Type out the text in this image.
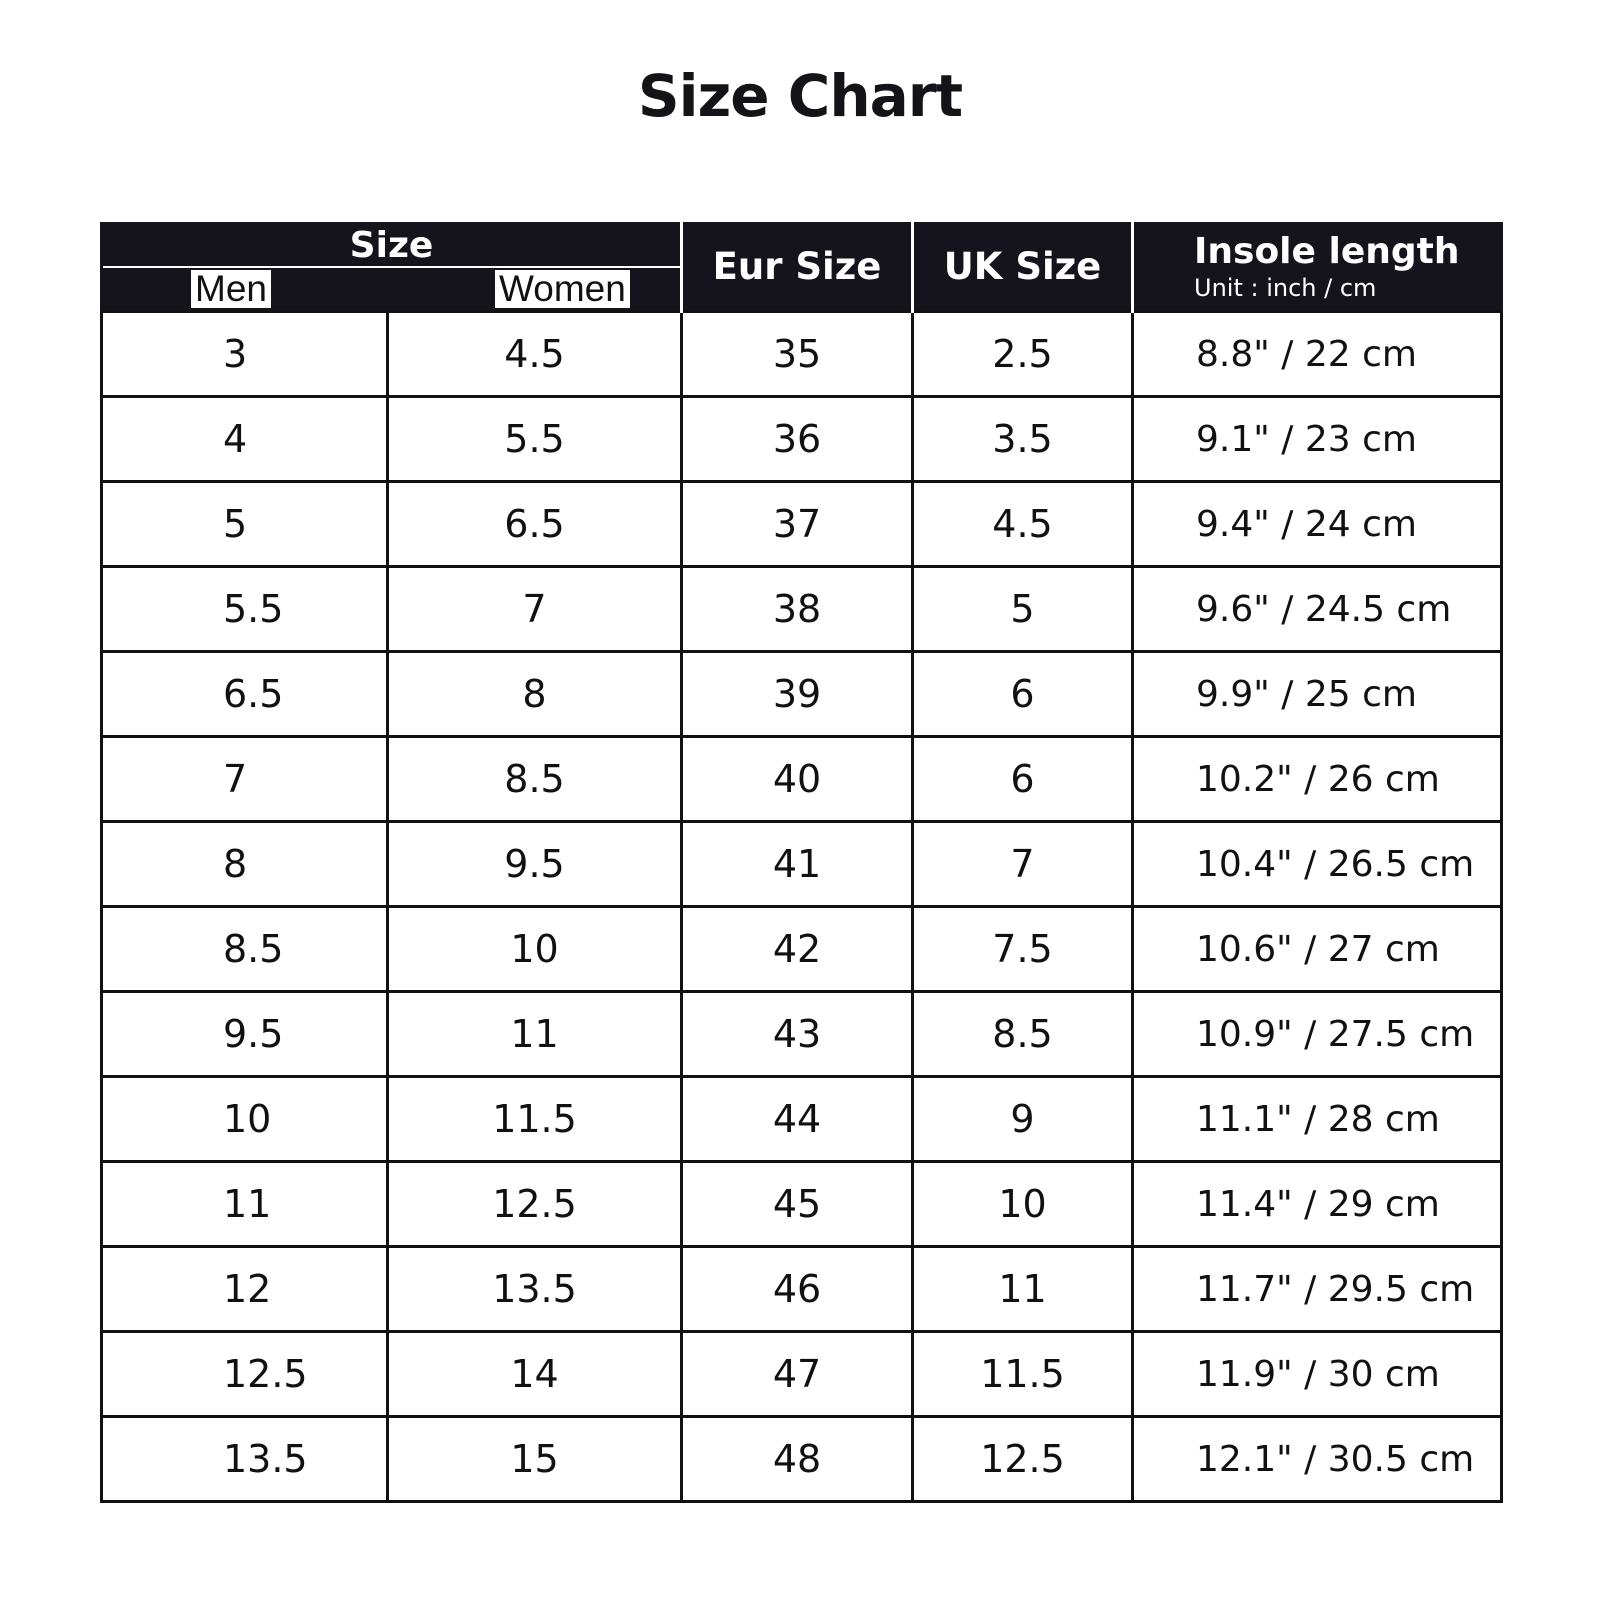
Size Chart
Size
Men Women		Eur Size	UK Size	Insole length
Unit : inch / cm

3	4.5	35	2.5	8.8" / 22 cm
4	5.5	36	3.5	9.1" / 23 cm
5	6.5	37	4.5	9.4" / 24 cm
5.5	7	38	5	9.6" / 24.5 cm
6.5	8	39	6	9.9" / 25 cm
7	8.5	40	6	10.2" / 26 cm
8	9.5	41	7	10.4" / 26.5 cm
8.5	10	42	7.5	10.6" / 27 cm
9.5	11	43	8.5	10.9" / 27.5 cm
10	11.5	44	9	11.1" / 28 cm
11	12.5	45	10	11.4" / 29 cm
12	13.5	46	11	11.7" / 29.5 cm
12.5	14	47	11.5	11.9" / 30 cm
13.5	15	48	12.5	12.1" / 30.5 cm
